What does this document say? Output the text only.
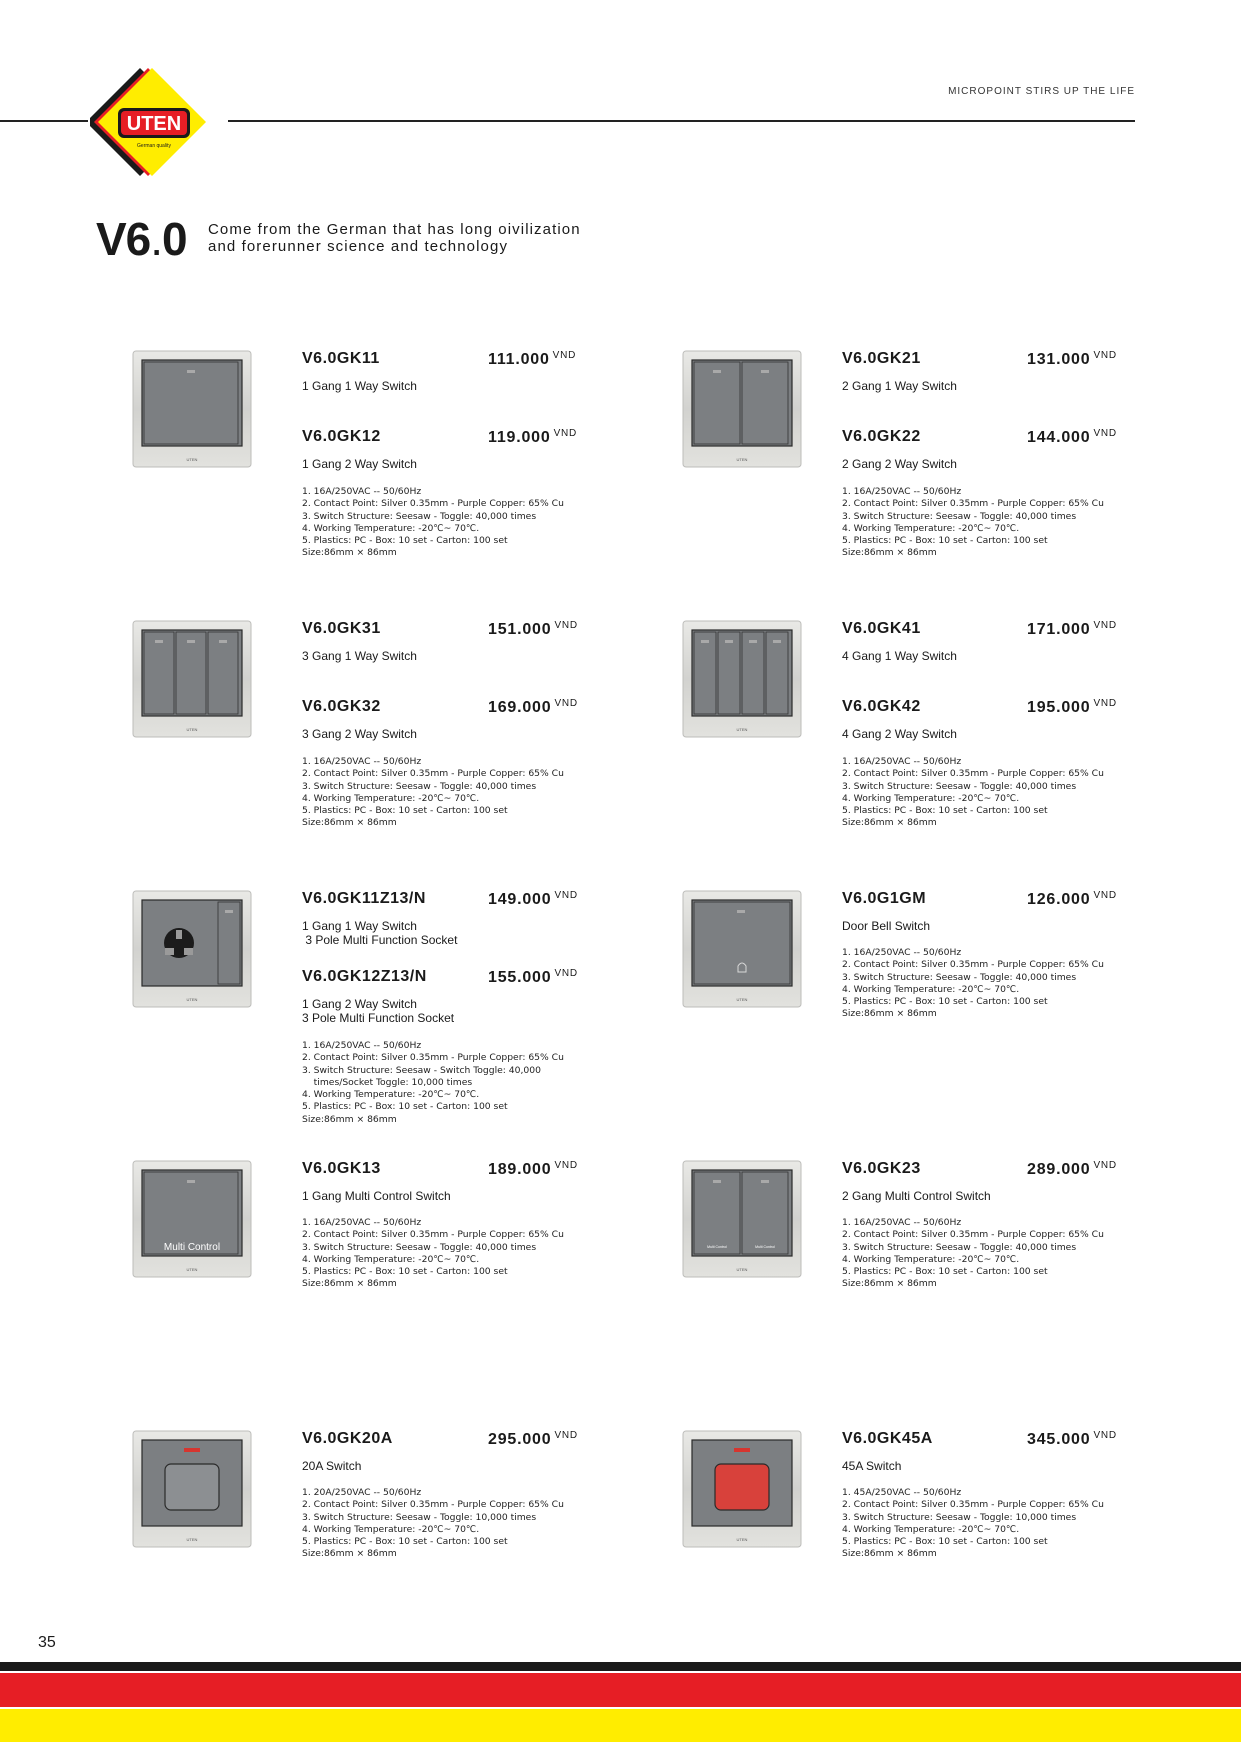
UTEN
German quality
MICROPOINT STIRS UP THE LIFE
V6.0 Come from the German that has long oivilization
and forerunner science and technology
UTEN
V6.0GK11	111.000 $^{VND}$
1 Gang 1 Way Switch
V6.0GK12	119.000 $^{VND}$
1 Gang 2 Way Switch
1. 16A/250VAC -- 50/60Hz
2. Contact Point: Silver 0.35mm - Purple Copper: 65% Cu
3. Switch Structure: Seesaw - Toggle: 40,000 times
4. Working Temperature: -20℃~ 70℃.
5. Plastics: PC - Box: 10 set - Carton: 100 set
Size:86mm × 86mm
UTEN
V6.0GK21	131.000 $^{VND}$
2 Gang 1 Way Switch
V6.0GK22	144.000 $^{VND}$
2 Gang 2 Way Switch
1. 16A/250VAC -- 50/60Hz
2. Contact Point: Silver 0.35mm - Purple Copper: 65% Cu
3. Switch Structure: Seesaw - Toggle: 40,000 times
4. Working Temperature: -20℃~ 70℃.
5. Plastics: PC - Box: 10 set - Carton: 100 set
Size:86mm × 86mm
UTEN
V6.0GK31	151.000 $^{VND}$
3 Gang 1 Way Switch
V6.0GK32	169.000 $^{VND}$
3 Gang 2 Way Switch
1. 16A/250VAC -- 50/60Hz
2. Contact Point: Silver 0.35mm - Purple Copper: 65% Cu
3. Switch Structure: Seesaw - Toggle: 40,000 times
4. Working Temperature: -20℃~ 70℃.
5. Plastics: PC - Box: 10 set - Carton: 100 set
Size:86mm × 86mm
UTEN
V6.0GK41	171.000 $^{VND}$
4 Gang 1 Way Switch
V6.0GK42	195.000 $^{VND}$
4 Gang 2 Way Switch
1. 16A/250VAC -- 50/60Hz
2. Contact Point: Silver 0.35mm - Purple Copper: 65% Cu
3. Switch Structure: Seesaw - Toggle: 40,000 times
4. Working Temperature: -20℃~ 70℃.
5. Plastics: PC - Box: 10 set - Carton: 100 set
Size:86mm × 86mm
UTEN
V6.0GK11Z13/N	149.000 $^{VND}$
1 Gang 1 Way Switch
3 Pole Multi Function Socket
V6.0GK12Z13/N	155.000 $^{VND}$
1 Gang 2 Way Switch
3 Pole Multi Function Socket
1. 16A/250VAC -- 50/60Hz
2. Contact Point: Silver 0.35mm - Purple Copper: 65% Cu
3. Switch Structure: Seesaw - Switch Toggle: 40,000
times/Socket Toggle: 10,000 times
4. Working Temperature: -20℃~ 70℃.
5. Plastics: PC - Box: 10 set - Carton: 100 set
Size:86mm × 86mm
UTEN
V6.0G1GM	126.000 $^{VND}$
Door Bell Switch
1. 16A/250VAC -- 50/60Hz
2. Contact Point: Silver 0.35mm - Purple Copper: 65% Cu
3. Switch Structure: Seesaw - Toggle: 40,000 times
4. Working Temperature: -20℃~ 70℃.
5. Plastics: PC - Box: 10 set - Carton: 100 set
Size:86mm × 86mm
UTEN
Multi Control
V6.0GK13	189.000 $^{VND}$
1 Gang Multi Control Switch
1. 16A/250VAC -- 50/60Hz
2. Contact Point: Silver 0.35mm - Purple Copper: 65% Cu
3. Switch Structure: Seesaw - Toggle: 40,000 times
4. Working Temperature: -20℃~ 70℃.
5. Plastics: PC - Box: 10 set - Carton: 100 set
Size:86mm × 86mm
UTEN
Multi Control	Multi Control
V6.0GK23	289.000 $^{VND}$
2 Gang Multi Control Switch
1. 16A/250VAC -- 50/60Hz
2. Contact Point: Silver 0.35mm - Purple Copper: 65% Cu
3. Switch Structure: Seesaw - Toggle: 40,000 times
4. Working Temperature: -20℃~ 70℃.
5. Plastics: PC - Box: 10 set - Carton: 100 set
Size:86mm × 86mm
UTEN
V6.0GK20A	295.000 $^{VND}$
20A Switch
1. 20A/250VAC -- 50/60Hz
2. Contact Point: Silver 0.35mm - Purple Copper: 65% Cu
3. Switch Structure: Seesaw - Toggle: 10,000 times
4. Working Temperature: -20℃~ 70℃.
5. Plastics: PC - Box: 10 set - Carton: 100 set
Size:86mm × 86mm
UTEN
V6.0GK45A	345.000 $^{VND}$
45A Switch
1. 45A/250VAC -- 50/60Hz
2. Contact Point: Silver 0.35mm - Purple Copper: 65% Cu
3. Switch Structure: Seesaw - Toggle: 10,000 times
4. Working Temperature: -20℃~ 70℃.
5. Plastics: PC - Box: 10 set - Carton: 100 set
Size:86mm × 86mm
35
